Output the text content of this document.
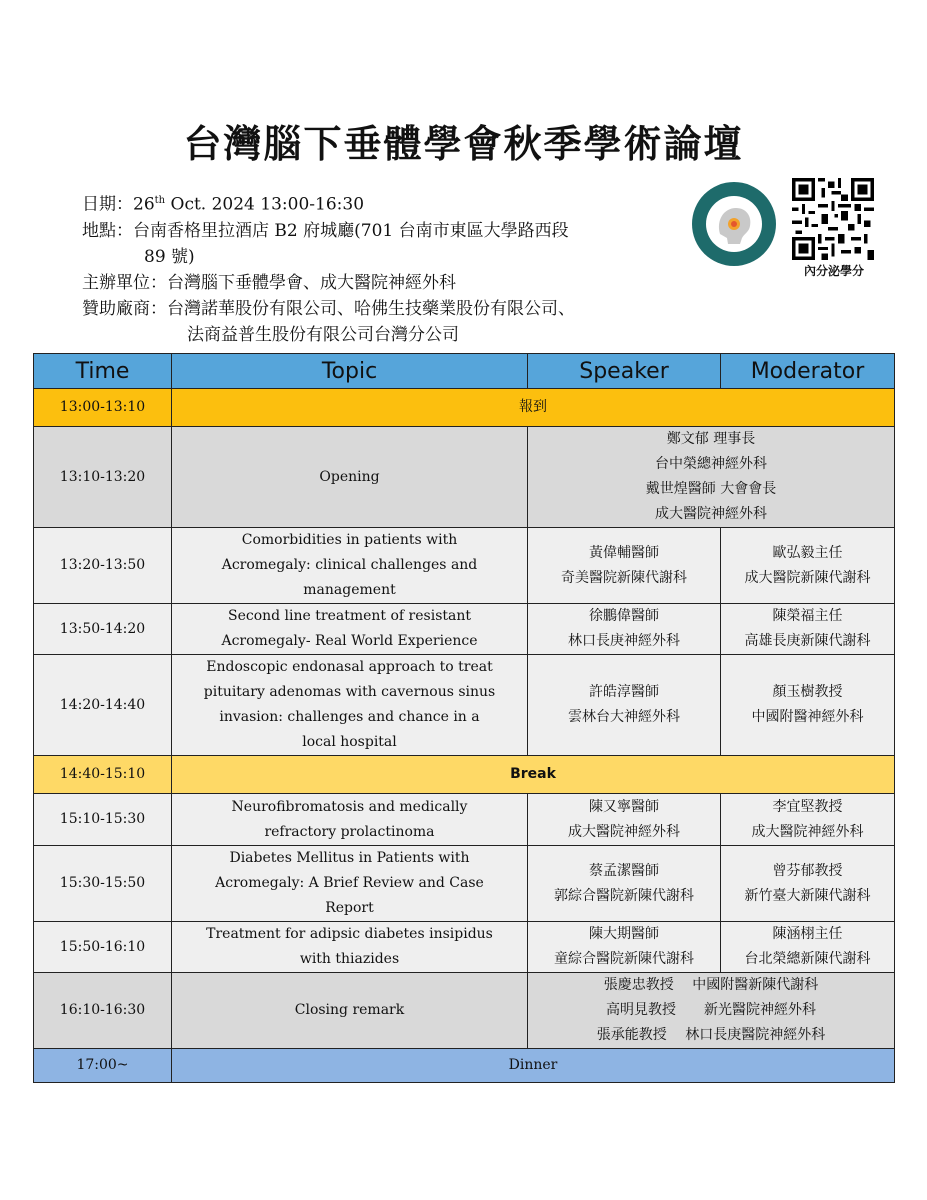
台灣腦下垂體學會秋季學術論壇
日期：26th Oct. 2024 13:00-16:30
地點：台南香格里拉酒店 B2 府城廳(701 台南市東區大學路西段
89 號)
主辦單位：台灣腦下垂體學會、成大醫院神經外科
贊助廠商：台灣諾華股份有限公司、哈佛生技藥業股份有限公司、
法商益普生股份有限公司台灣分公司
內分泌學分
Time	Topic	Speaker	Moderator
13:00-13:10	報到		
13:10-13:20	Opening	鄭文郁 理事長
台中榮總神經外科
戴世煌醫師 大會會長
成大醫院神經外科	
13:20-13:50	Comorbidities in patients with
Acromegaly: clinical challenges and
management	黃偉輔醫師
奇美醫院新陳代謝科	歐弘毅主任
成大醫院新陳代謝科
13:50-14:20	Second line treatment of resistant
Acromegaly- Real World Experience	徐鵬偉醫師
林口長庚神經外科	陳榮福主任
高雄長庚新陳代謝科
14:20-14:40	Endoscopic endonasal approach to treat
pituitary adenomas with cavernous sinus
invasion: challenges and chance in a
local hospital	許皓淳醫師
雲林台大神經外科	顏玉樹教授
中國附醫神經外科
14:40-15:10	Break		
15:10-15:30	Neurofibromatosis and medically
refractory prolactinoma	陳又寧醫師
成大醫院神經外科	李宜堅教授
成大醫院神經外科
15:30-15:50	Diabetes Mellitus in Patients with
Acromegaly: A Brief Review and Case
Report	蔡孟潔醫師
郭綜合醫院新陳代謝科	曾芬郁教授
新竹臺大新陳代謝科
15:50-16:10	Treatment for adipsic diabetes insipidus
with thiazides	陳大期醫師
童綜合醫院新陳代謝科	陳涵栩主任
台北榮總新陳代謝科
16:10-16:30	Closing remark	張慶忠教授　 中國附醫新陳代謝科
高明見教授　　新光醫院神經外科
張承能教授　 林口長庚醫院神經外科	
17:00~	Dinner		
